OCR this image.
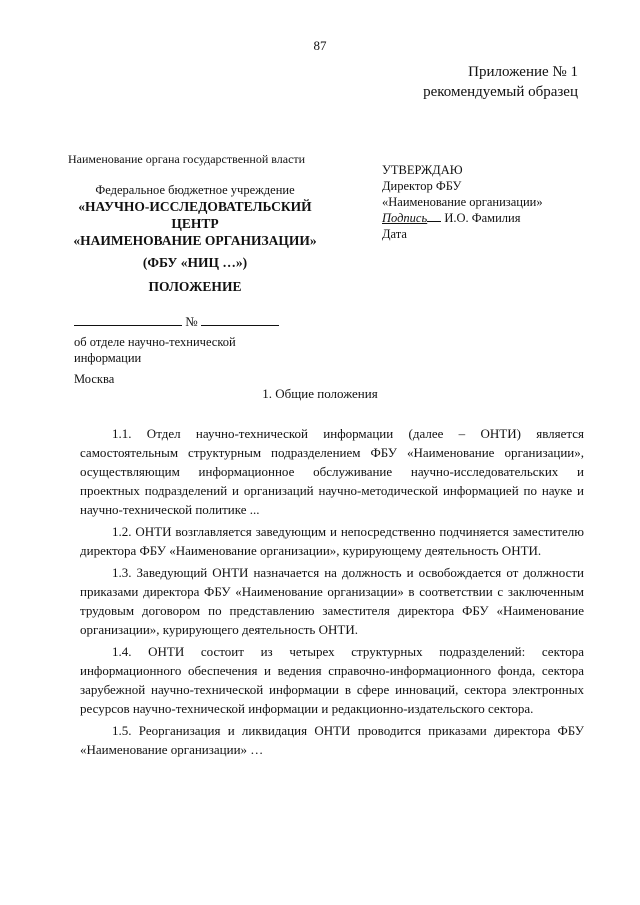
87
Приложение № 1
рекомендуемый образец
Наименование органа государственной власти
Федеральное бюджетное учреждение
«НАУЧНО-ИССЛЕДОВАТЕЛЬСКИЙ
ЦЕНТР
«НАИМЕНОВАНИЕ ОРГАНИЗАЦИИ»
(ФБУ «НИЦ …»)
ПОЛОЖЕНИЕ
№
об отделе научно-технической информации
Москва
УТВЕРЖДАЮ
Директор ФБУ
«Наименование организации»
Подпись И.О. Фамилия
Дата
1. Общие положения

1.1. Отдел научно-технической информации (далее – ОНТИ) является самостоятельным структурным подразделением ФБУ «Наименование организации», осуществляющим информационное обслуживание научно-исследовательских и проектных подразделений и организаций научно-методической информацией по науке и научно-технической политике ...

1.2. ОНТИ возглавляется заведующим и непосредственно подчиняется заместителю директора ФБУ «Наименование организации», курирующему деятельность ОНТИ.

1.3. Заведующий ОНТИ назначается на должность и освобождается от должности приказами директора ФБУ «Наименование организации» в соответствии с заключенным трудовым договором по представлению заместителя директора ФБУ «Наименование организации», курирующего деятельность ОНТИ.

1.4. ОНТИ состоит из четырех структурных подразделений: сектора информационного обеспечения и ведения справочно-информационного фонда, сектора зарубежной научно-технической информации в сфере инноваций, сектора электронных ресурсов научно-технической информации и редакционно-издательского сектора.

1.5. Реорганизация и ликвидация ОНТИ проводится приказами директора ФБУ «Наименование организации» …
